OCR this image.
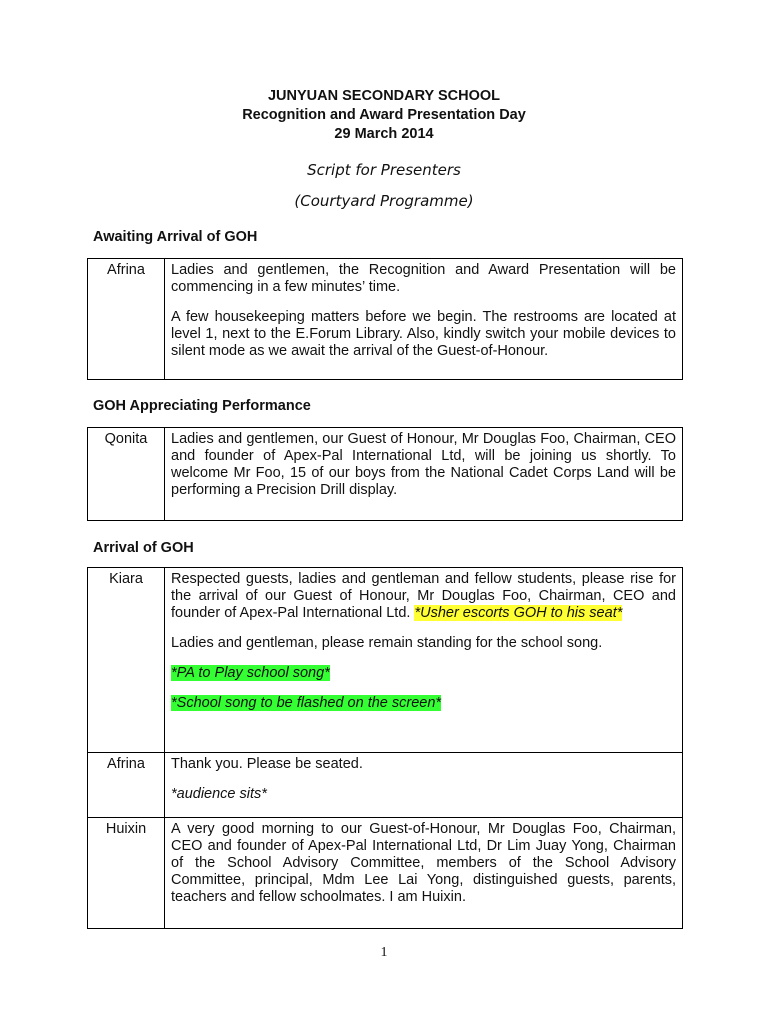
JUNYUAN SECONDARY SCHOOL
Recognition and Award Presentation Day
29 March 2014
Script for Presenters
(Courtyard Programme)
Awaiting Arrival of GOH
Afrina	Ladies and gentlemen, the Recognition and Award Presentation will be commencing in a few minutes’ time.

A few housekeeping matters before we begin. The restrooms are located at level 1, next to the E.Forum Library. Also, kindly switch your mobile devices to silent mode as we await the arrival of the Guest-of-Honour.

GOH Appreciating Performance
Qonita	Ladies and gentlemen, our Guest of Honour, Mr Douglas Foo, Chairman, CEO and founder of Apex-Pal International Ltd, will be joining us shortly. To welcome Mr Foo, 15 of our boys from the National Cadet Corps Land will be performing a Precision Drill display.

Arrival of GOH
Kiara	Respected guests, ladies and gentleman and fellow students, please rise for the arrival of our Guest of Honour, Mr Douglas Foo, Chairman, CEO and founder of Apex-Pal International Ltd. *Usher escorts GOH to his seat*

Ladies and gentleman, please remain standing for the school song.

*PA to Play school song*

*School song to be flashed on the screen*

Afrina	Thank you. Please be seated.

*audience sits*

Huixin	A very good morning to our Guest-of-Honour, Mr Douglas Foo, Chairman, CEO and founder of Apex-Pal International Ltd, Dr Lim Juay Yong, Chairman of the School Advisory Committee, members of the School Advisory Committee, principal, Mdm Lee Lai Yong, distinguished guests, parents, teachers and fellow schoolmates. I am Huixin.

1
